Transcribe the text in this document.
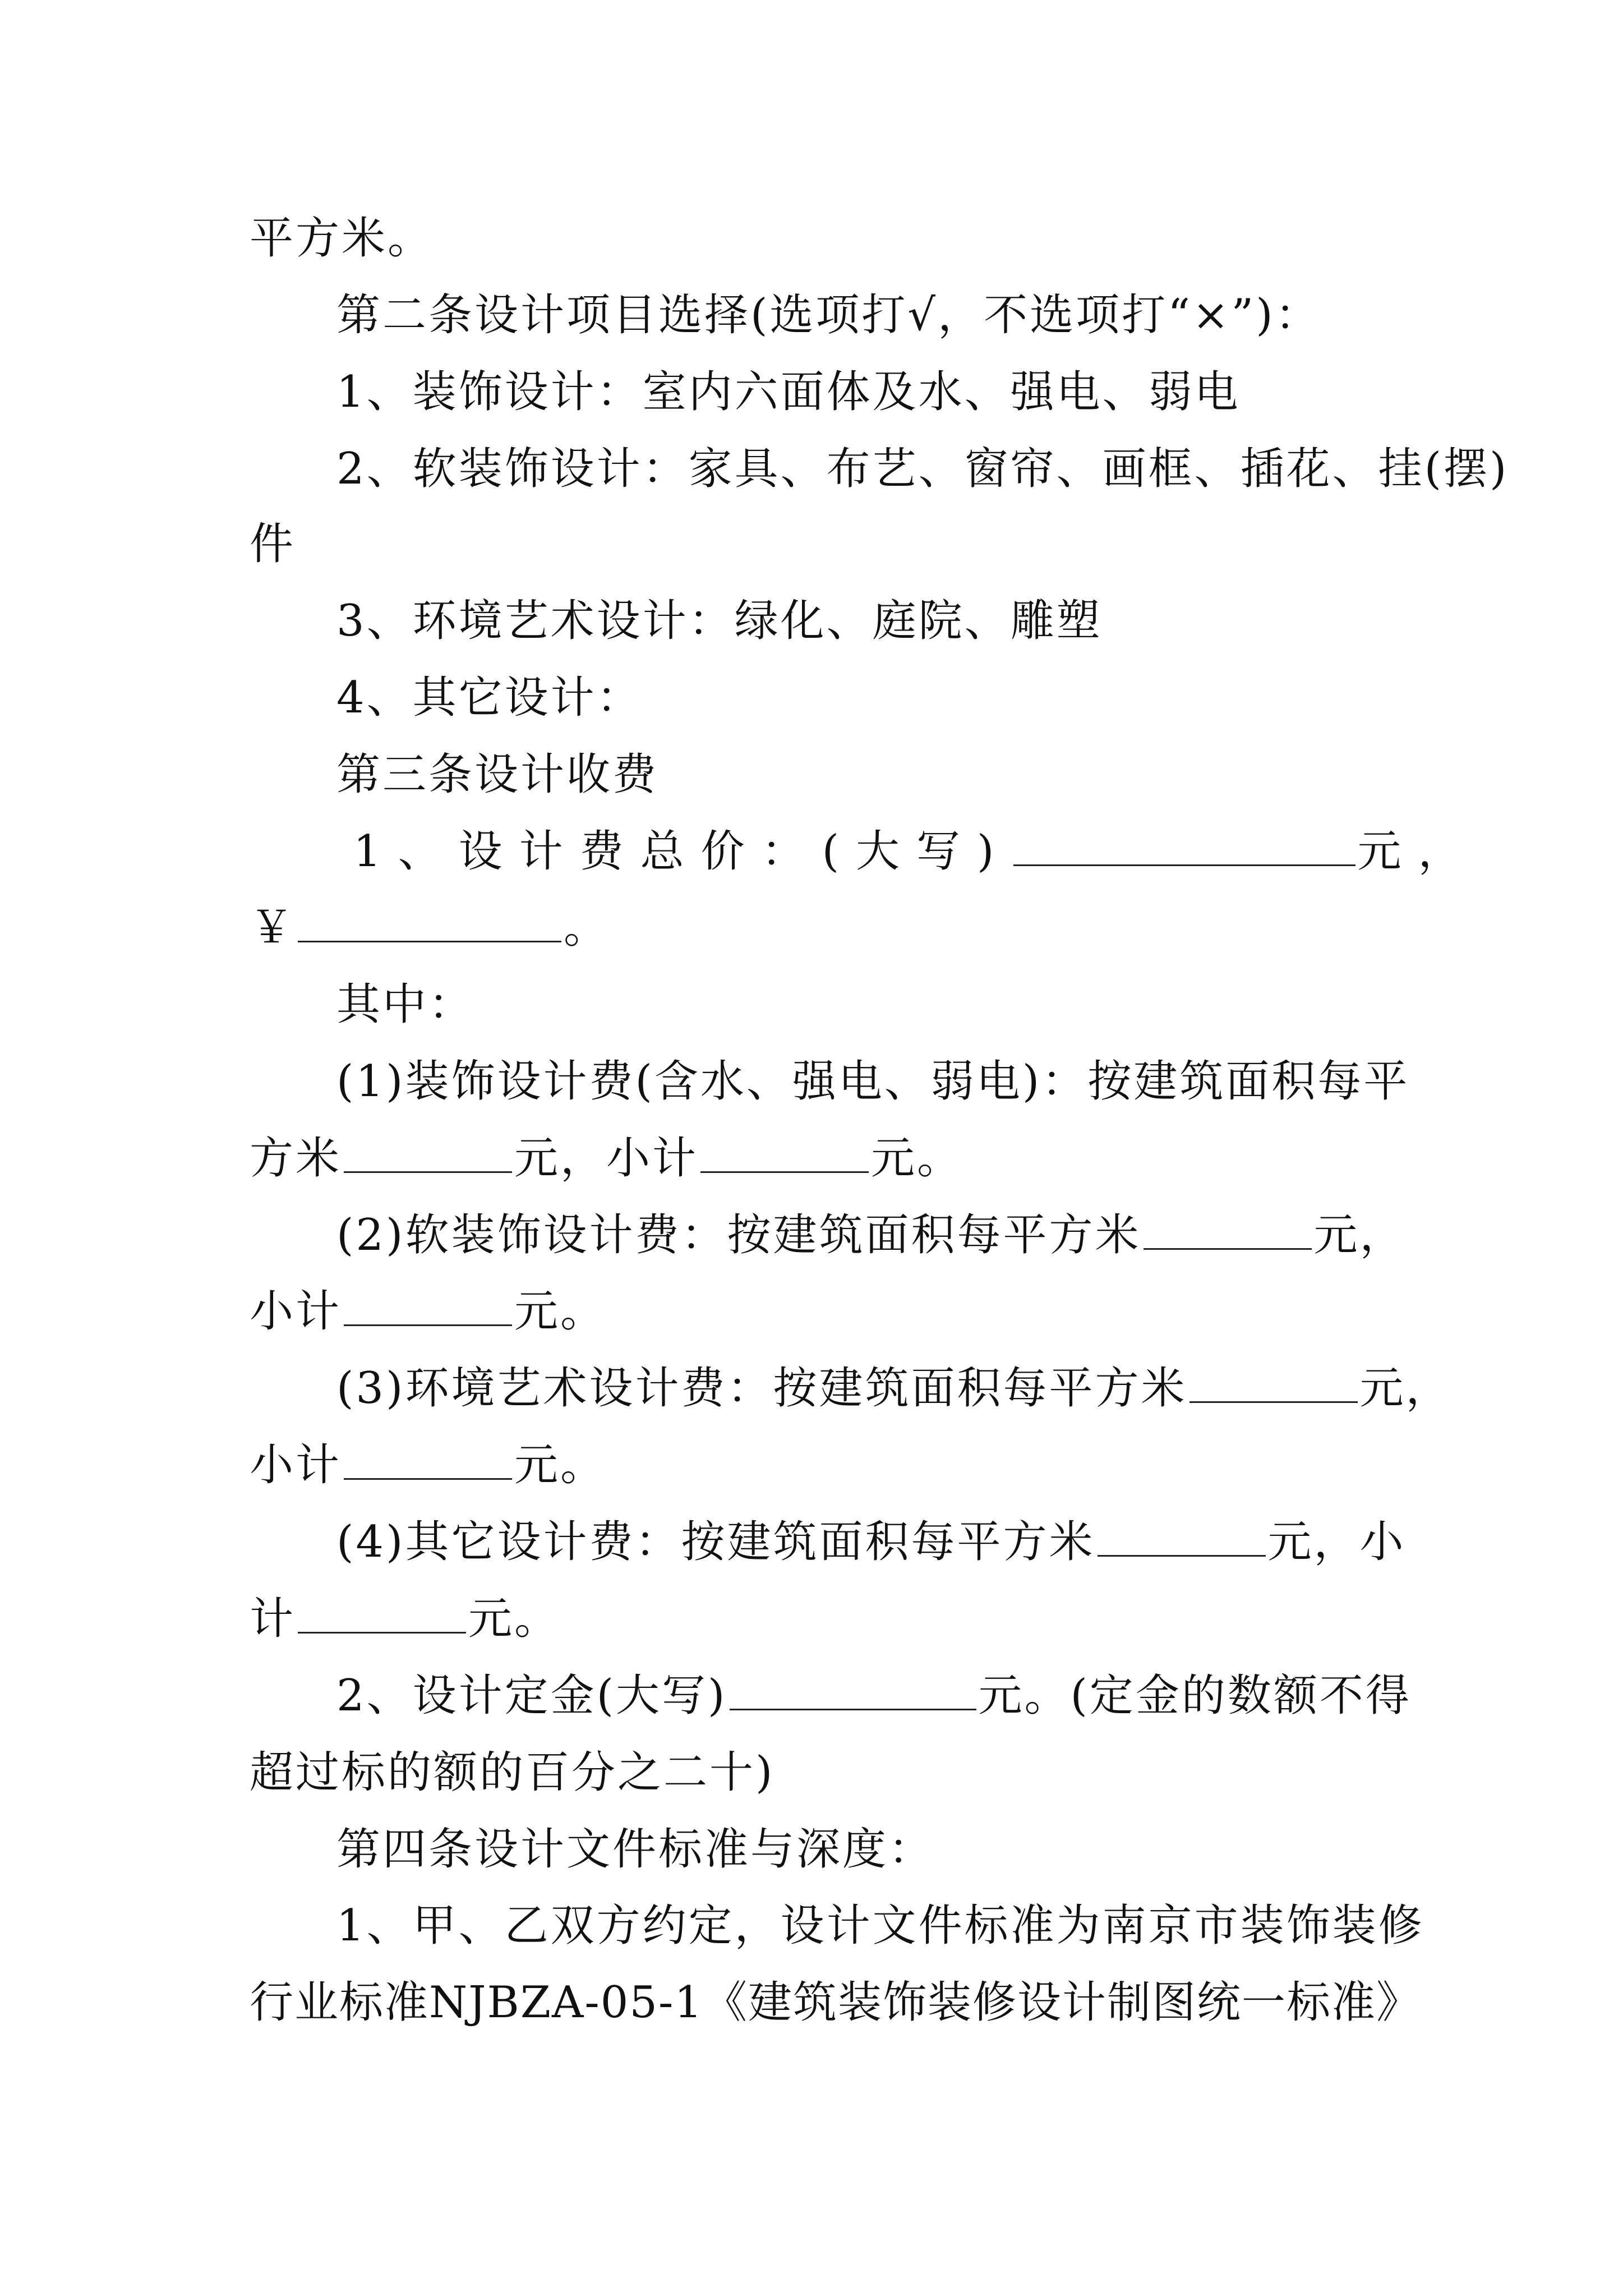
平方米。
第二条设计项目选择(选项打√，不选项打“×”)：
1、装饰设计：室内六面体及水、强电、弱电
2、软装饰设计：家具、布艺、窗帘、画框、插花、挂(摆)
件
3、环境艺术设计：绿化、庭院、雕塑
4、其它设计：
第三条设计收费
1、设计费总价：(大写)	元，
￥	。
其中：
(1)装饰设计费(含水、强电、弱电)：按建筑面积每平
方米	元，小计	元。
(2)软装饰设计费：按建筑面积每平方米	元，
小计	元。
(3)环境艺术设计费：按建筑面积每平方米	元，
小计	元。
(4)其它设计费：按建筑面积每平方米	元，小
计	元。
2、设计定金(大写)	元。(定金的数额不得
超过标的额的百分之二十)
第四条设计文件标准与深度：
1、甲、乙双方约定，设计文件标准为南京市装饰装修
行业标准NJBZA-05-1《建筑装饰装修设计制图统一标准》
